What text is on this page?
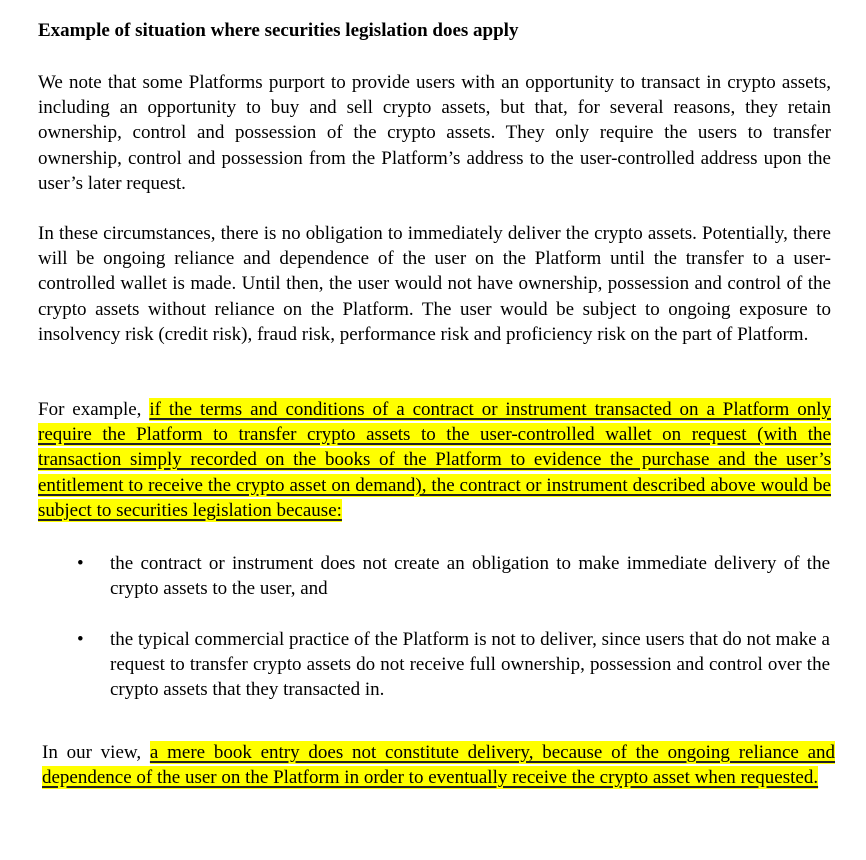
Example of situation where securities legislation does apply

We note that some Platforms purport to provide users with an opportunity to transact in crypto assets, including an opportunity to buy and sell crypto assets, but that, for several reasons, they retain ownership, control and possession of the crypto assets. They only require the users to transfer ownership, control and possession from the Platform’s address to the user-controlled address upon the user’s later request.

In these circumstances, there is no obligation to immediately deliver the crypto assets. Potentially, there will be ongoing reliance and dependence of the user on the Platform until the transfer to a user-controlled wallet is made. Until then, the user would not have ownership, possession and control of the crypto assets without reliance on the Platform. The user would be subject to ongoing exposure to insolvency risk (credit risk), fraud risk, performance risk and proficiency risk on the part of Platform.

For example, if the terms and conditions of a contract or instrument transacted on a Platform only require the Platform to transfer crypto assets to the user-controlled wallet on request (with the transaction simply recorded on the books of the Platform to evidence the purchase and the user’s entitlement to receive the crypto asset on demand), the contract or instrument described above would be subject to securities legislation because:

• the contract or instrument does not create an obligation to make immediate delivery of the crypto assets to the user, and
• the typical commercial practice of the Platform is not to deliver, since users that do not make a request to transfer crypto assets do not receive full ownership, possession and control over the crypto assets that they transacted in.

In our view, a mere book entry does not constitute delivery, because of the ongoing reliance and dependence of the user on the Platform in order to eventually receive the crypto asset when requested.
